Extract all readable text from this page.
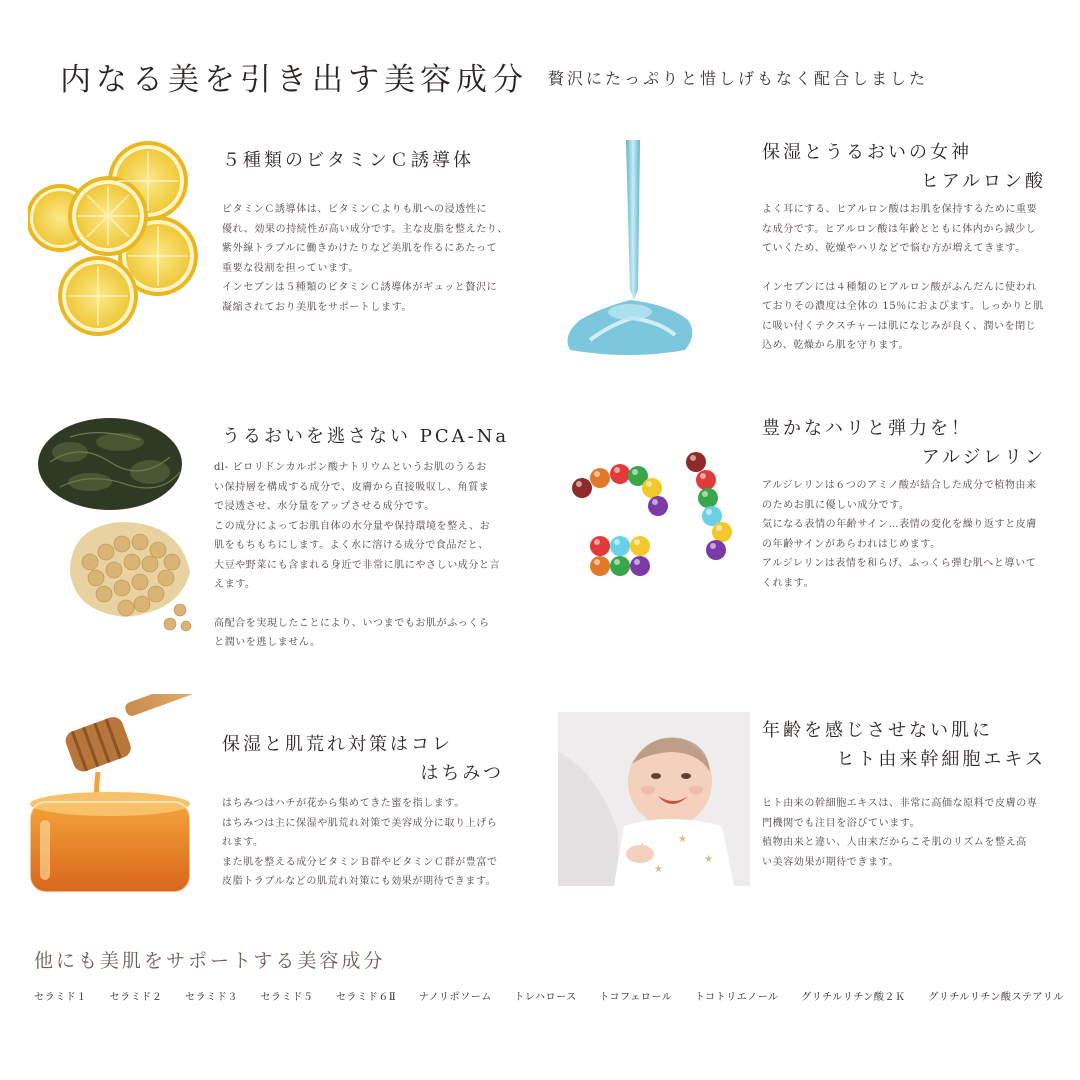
内なる美を引き出す美容成分 贅沢にたっぷりと惜しげもなく配合しました
５種類のビタミンＣ誘導体

ビタミンＣ誘導体は、ビタミンＣよりも肌への浸透性に

優れ、効果の持続性が高い成分です。主な皮脂を整えたり、

紫外線トラブルに働きかけたりなど美肌を作るにあたって

重要な役割を担っています。

インセブンは５種類のビタミンＣ誘導体がギュッと贅沢に

凝縮されており美肌をサポートします。

保湿とうるおいの女神
ヒアルロン酸

よく耳にする、ヒアルロン酸はお肌を保持するために重要

な成分です。ヒアルロン酸は年齢とともに体内から減少し

ていくため、乾燥やハリなどで悩む方が増えてきます。

インセブンには４種類のヒアルロン酸がふんだんに使われ

ておりその濃度は全体の 15％におよびます。しっかりと肌

に吸い付くテクスチャーは肌になじみが良く、潤いを閉じ

込め、乾燥から肌を守ります。

うるおいを逃さない PCA-Na

dl- ピロリドンカルボン酸ナトリウムというお肌のうるお

い保持層を構成する成分で、皮膚から直接吸収し、角質ま

で浸透させ、水分量をアップさせる成分です。

この成分によってお肌自体の水分量や保持環境を整え、お

肌をもちもちにします。よく水に溶ける成分で食品だと、

大豆や野菜にも含まれる身近で非常に肌にやさしい成分と言

えます。

高配合を実現したことにより、いつまでもお肌がふっくら

と潤いを逃しません。

豊かなハリと弾力を！
アルジレリン

アルジレリンは６つのアミノ酸が結合した成分で植物由来

のためお肌に優しい成分です。

気になる表情の年齢サイン…表情の変化を繰り返すと皮膚

の年齢サインがあらわれはじめます。

アルジレリンは表情を和らげ、ふっくら弾む肌へと導いて

くれます。

保湿と肌荒れ対策はコレ
はちみつ

はちみつはハチが花から集めてきた蜜を指します。

はちみつは主に保湿や肌荒れ対策で美容成分に取り上げら

れます。

また肌を整える成分ビタミンＢ群やビタミンＣ群が豊富で

皮脂トラブルなどの肌荒れ対策にも効果が期待できます。

★
★
★
年齢を感じさせない肌に
ヒト由来幹細胞エキス

ヒト由来の幹細胞エキスは、非常に高価な原料で皮膚の専

門機関でも注目を浴びています。

植物由来と違い、人由来だからこそ肌のリズムを整え高

い美容効果が期待できます。

他にも美肌をサポートする美容成分
セラミド１ セラミド２ セラミド３ セラミド５ セラミド６Ⅱ ナノリポソーム トレハロース トコフェロール トコトリエノール グリチルリチン酸２Ｋ グリチルリチン酸ステアリル
